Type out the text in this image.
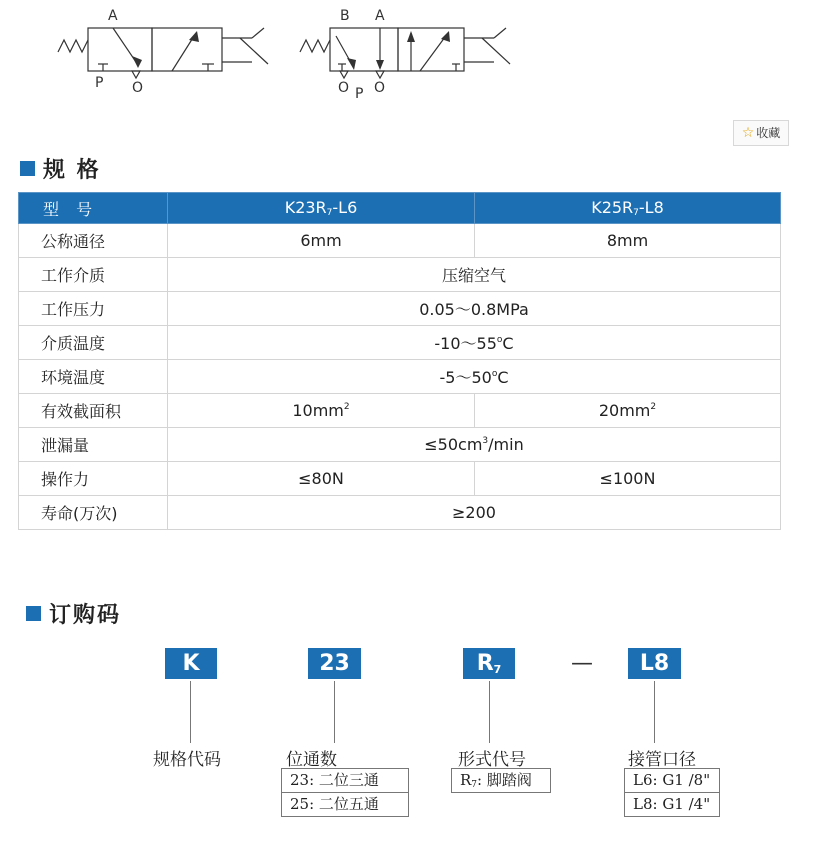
A
P O
B A
O P O
☆ 收藏
规 格
型 号	$K23R_7-L6$	$K25R_7-L8$
公称通径	6mm	8mm
工作介质	压缩空气	
工作压力	0.05～0.8MPa	
介质温度	-10～55$^o$C	
环境温度	-5～50$^o$C	
有效截面积	$10mm^2$	$20mm^2$
泄漏量	$\le 50cm^3/\min$	
操作力	≤80N	≤100N
寿命(万次)	≥200	
订购码
K	23	$R_7$	—	L8
规格代码	位通数	形式代号	接管口径
23: 二位三通
25: 二位五通
$R_7$: 脚踏阀	L6: G1 /8"
L8: G1 /4"
